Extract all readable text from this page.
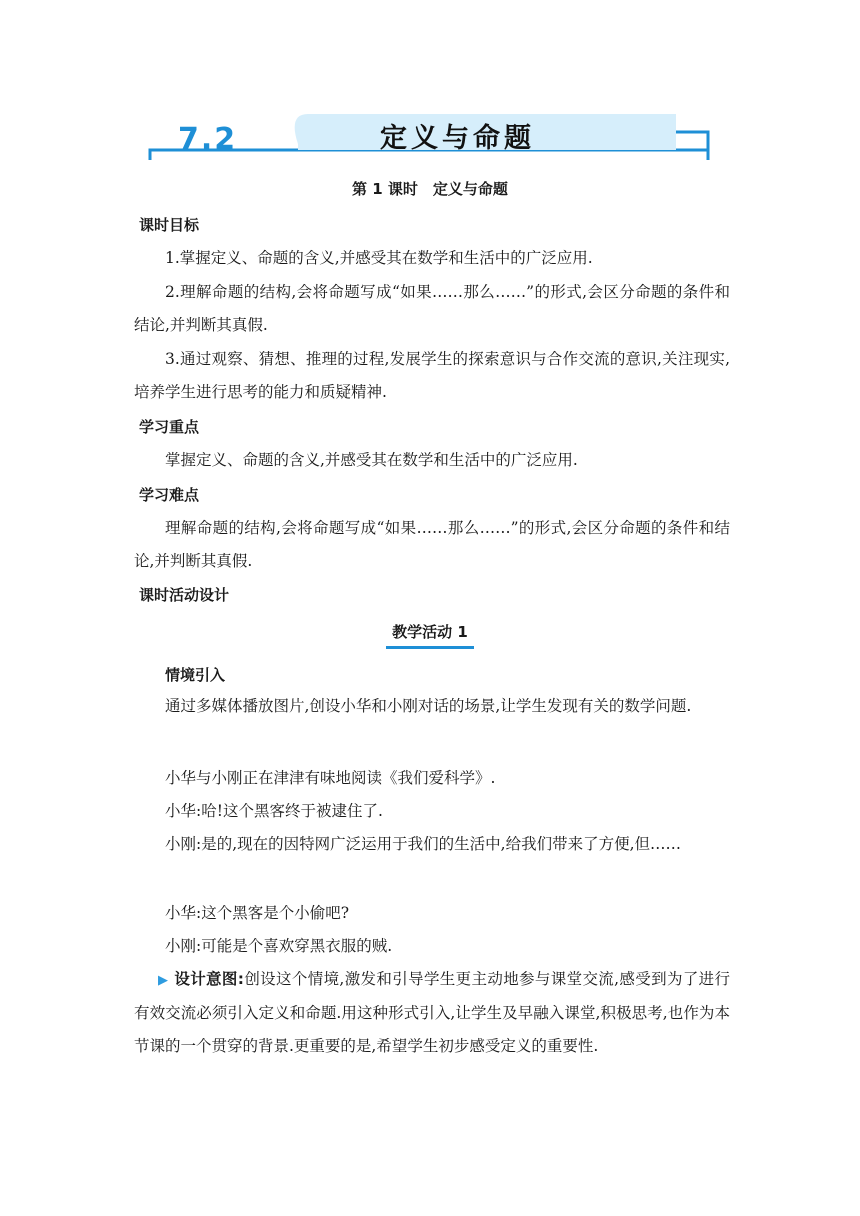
7.2	定义与命题
第 1 课时　定义与命题
课时目标

1.掌握定义、命题的含义,并感受其在数学和生活中的广泛应用.

2.理解命题的结构,会将命题写成“如果……那么……”的形式,会区分命题的条件和结论,并判断其真假.

3.通过观察、猜想、推理的过程,发展学生的探索意识与合作交流的意识,关注现实,培养学生进行思考的能力和质疑精神.

学习重点

掌握定义、命题的含义,并感受其在数学和生活中的广泛应用.

学习难点

理解命题的结构,会将命题写成“如果……那么……”的形式,会区分命题的条件和结论,并判断其真假.

课时活动设计
教学活动 1
情境引入

通过多媒体播放图片,创设小华和小刚对话的场景,让学生发现有关的数学问题.

小华与小刚正在津津有味地阅读《我们爱科学》.

小华:哈!这个黑客终于被逮住了.

小刚:是的,现在的因特网广泛运用于我们的生活中,给我们带来了方便,但……

小华:这个黑客是个小偷吧?

小刚:可能是个喜欢穿黑衣服的贼.

▶ 设计意图:创设这个情境,激发和引导学生更主动地参与课堂交流,感受到为了进行有效交流必须引入定义和命题.用这种形式引入,让学生及早融入课堂,积极思考,也作为本节课的一个贯穿的背景.更重要的是,希望学生初步感受定义的重要性.
